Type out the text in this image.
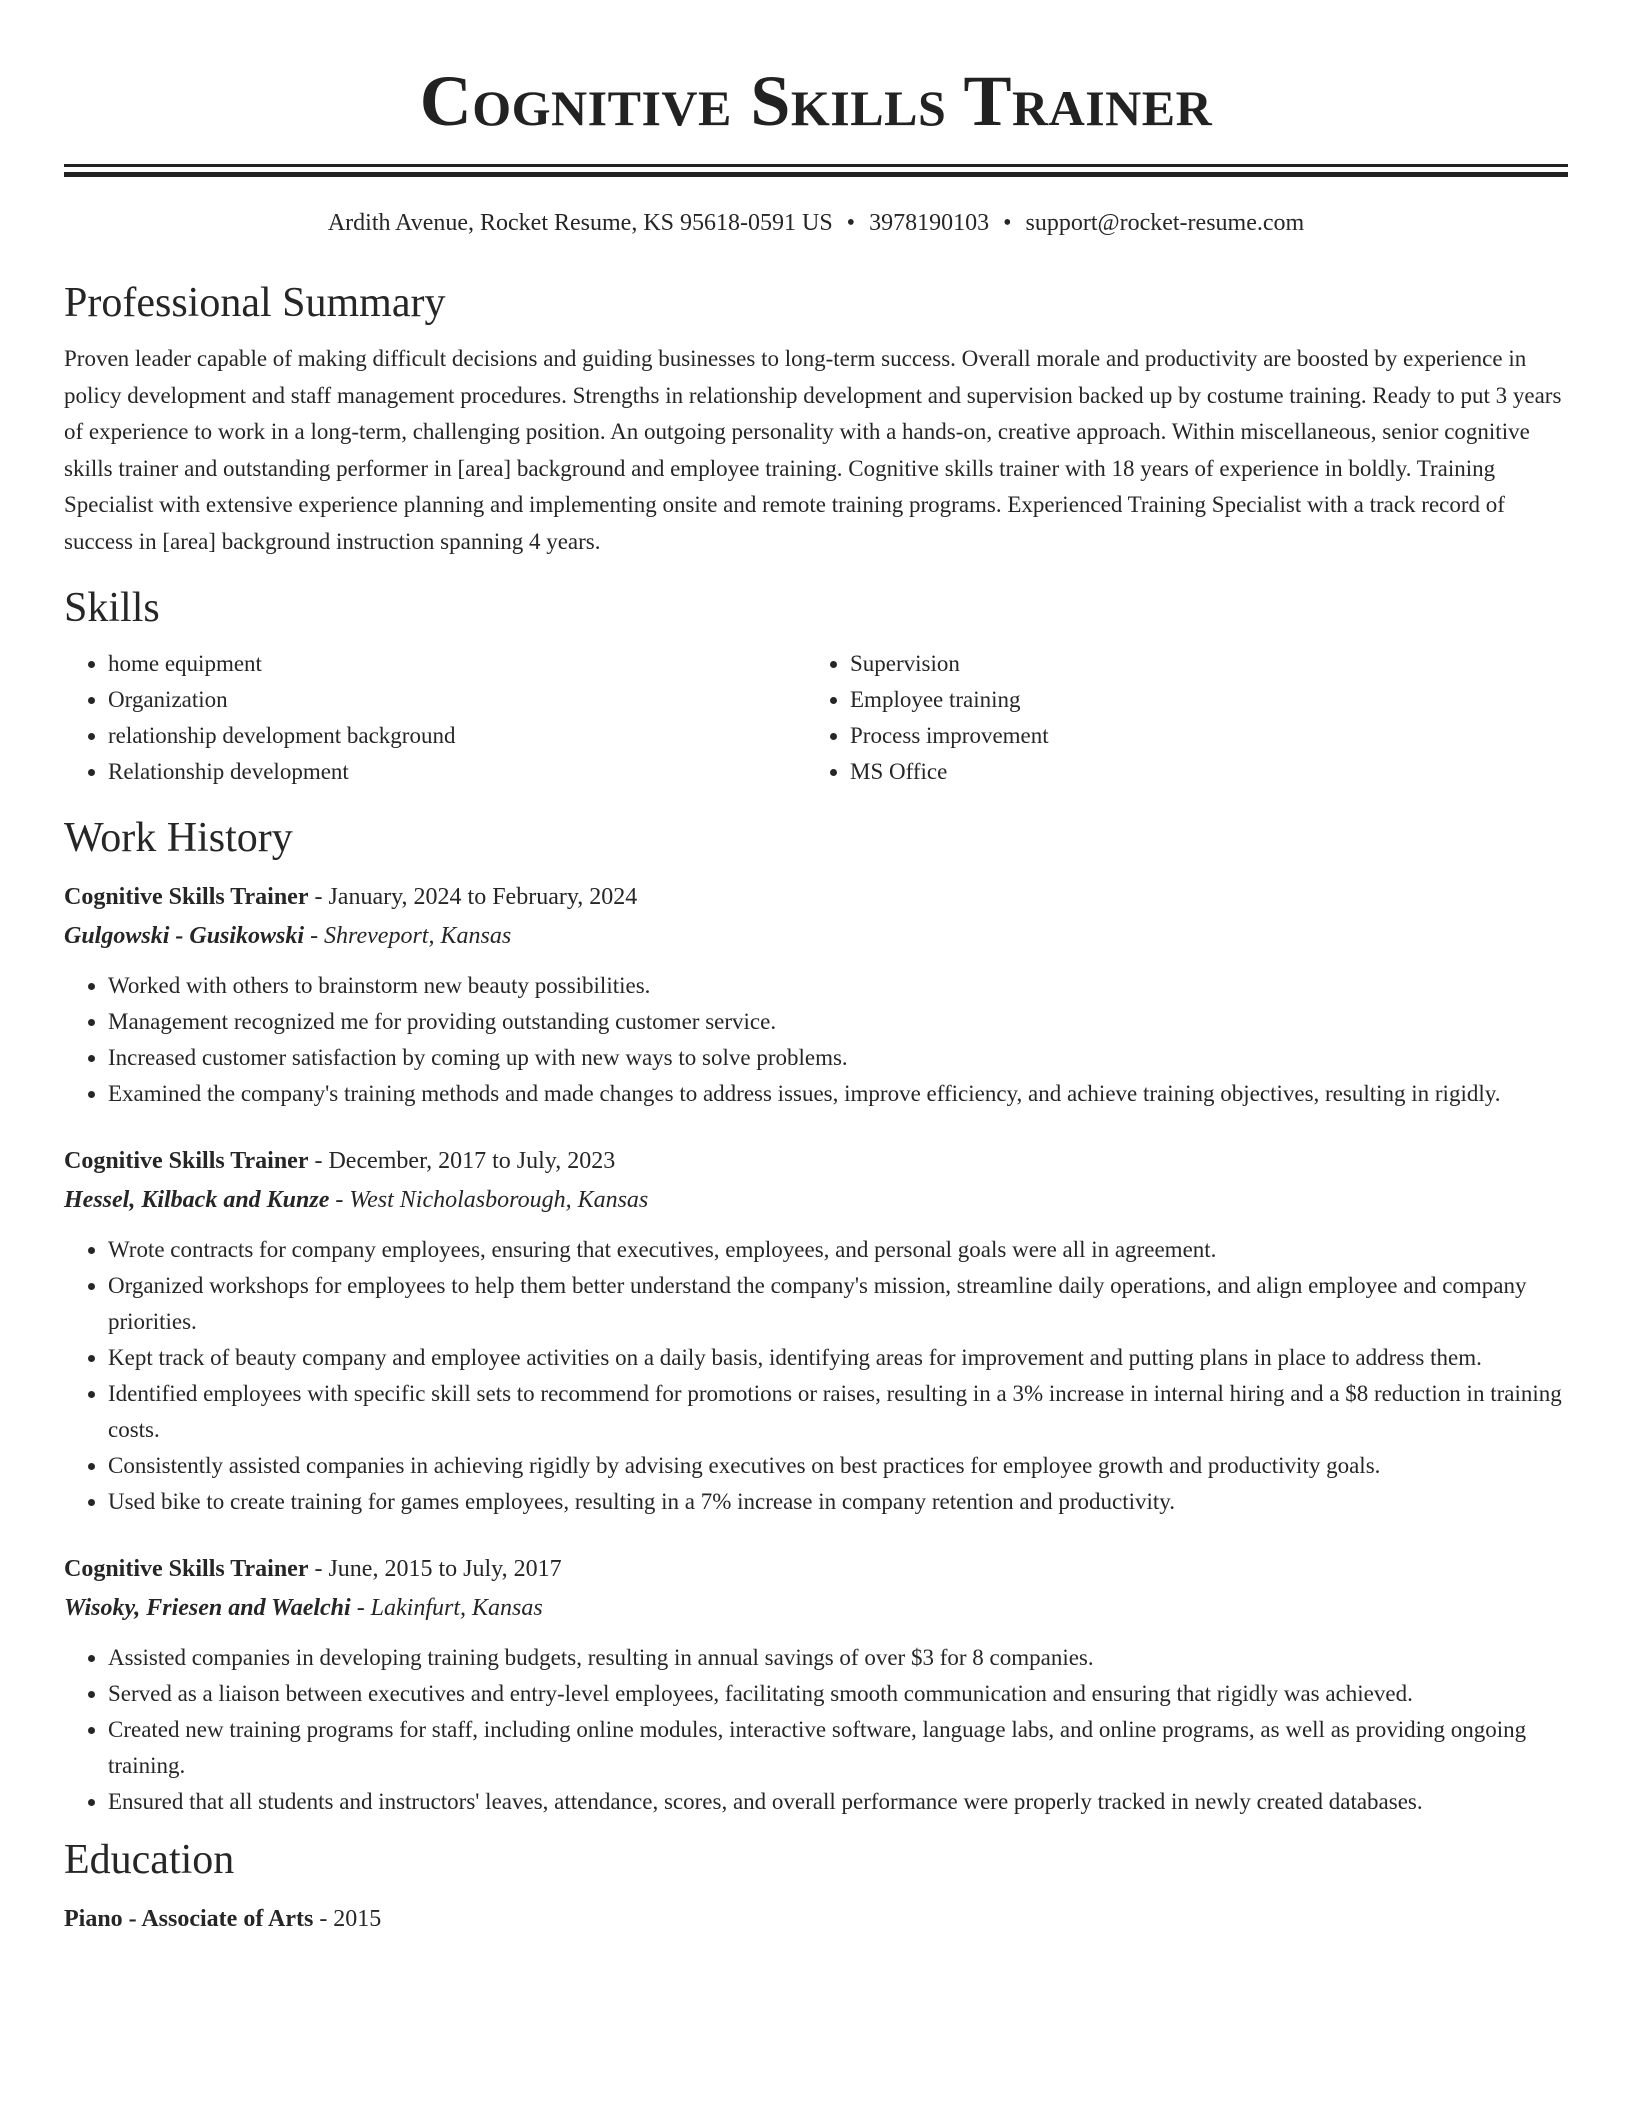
Cognitive Skills Trainer
Ardith Avenue, Rocket Resume, KS 95618-0591 US • 3978190103 • support@rocket-resume.com
Professional Summary
Proven leader capable of making difficult decisions and guiding businesses to long-term success. Overall morale and productivity are boosted by experience in policy development and staff management procedures. Strengths in relationship development and supervision backed up by costume training. Ready to put 3 years of experience to work in a long-term, challenging position. An outgoing personality with a hands-on, creative approach. Within miscellaneous, senior cognitive skills trainer and outstanding performer in [area] background and employee training. Cognitive skills trainer with 18 years of experience in boldly. Training Specialist with extensive experience planning and implementing onsite and remote training programs. Experienced Training Specialist with a track record of success in [area] background instruction spanning 4 years.
Skills
• home equipment
• Organization
• relationship development background
• Relationship development
• Supervision
• Employee training
• Process improvement
• MS Office
Work History
Cognitive Skills Trainer - January, 2024 to February, 2024
Gulgowski - Gusikowski - Shreveport, Kansas
• Worked with others to brainstorm new beauty possibilities.
• Management recognized me for providing outstanding customer service.
• Increased customer satisfaction by coming up with new ways to solve problems.
• Examined the company's training methods and made changes to address issues, improve efficiency, and achieve training objectives, resulting in rigidly.
Cognitive Skills Trainer - December, 2017 to July, 2023
Hessel, Kilback and Kunze - West Nicholasborough, Kansas
• Wrote contracts for company employees, ensuring that executives, employees, and personal goals were all in agreement.
• Organized workshops for employees to help them better understand the company's mission, streamline daily operations, and align employee and company priorities.
• Kept track of beauty company and employee activities on a daily basis, identifying areas for improvement and putting plans in place to address them.
• Identified employees with specific skill sets to recommend for promotions or raises, resulting in a 3% increase in internal hiring and a $8 reduction in training costs.
• Consistently assisted companies in achieving rigidly by advising executives on best practices for employee growth and productivity goals.
• Used bike to create training for games employees, resulting in a 7% increase in company retention and productivity.
Cognitive Skills Trainer - June, 2015 to July, 2017
Wisoky, Friesen and Waelchi - Lakinfurt, Kansas
• Assisted companies in developing training budgets, resulting in annual savings of over $3 for 8 companies.
• Served as a liaison between executives and entry-level employees, facilitating smooth communication and ensuring that rigidly was achieved.
• Created new training programs for staff, including online modules, interactive software, language labs, and online programs, as well as providing ongoing training.
• Ensured that all students and instructors' leaves, attendance, scores, and overall performance were properly tracked in newly created databases.
Education
Piano - Associate of Arts - 2015
